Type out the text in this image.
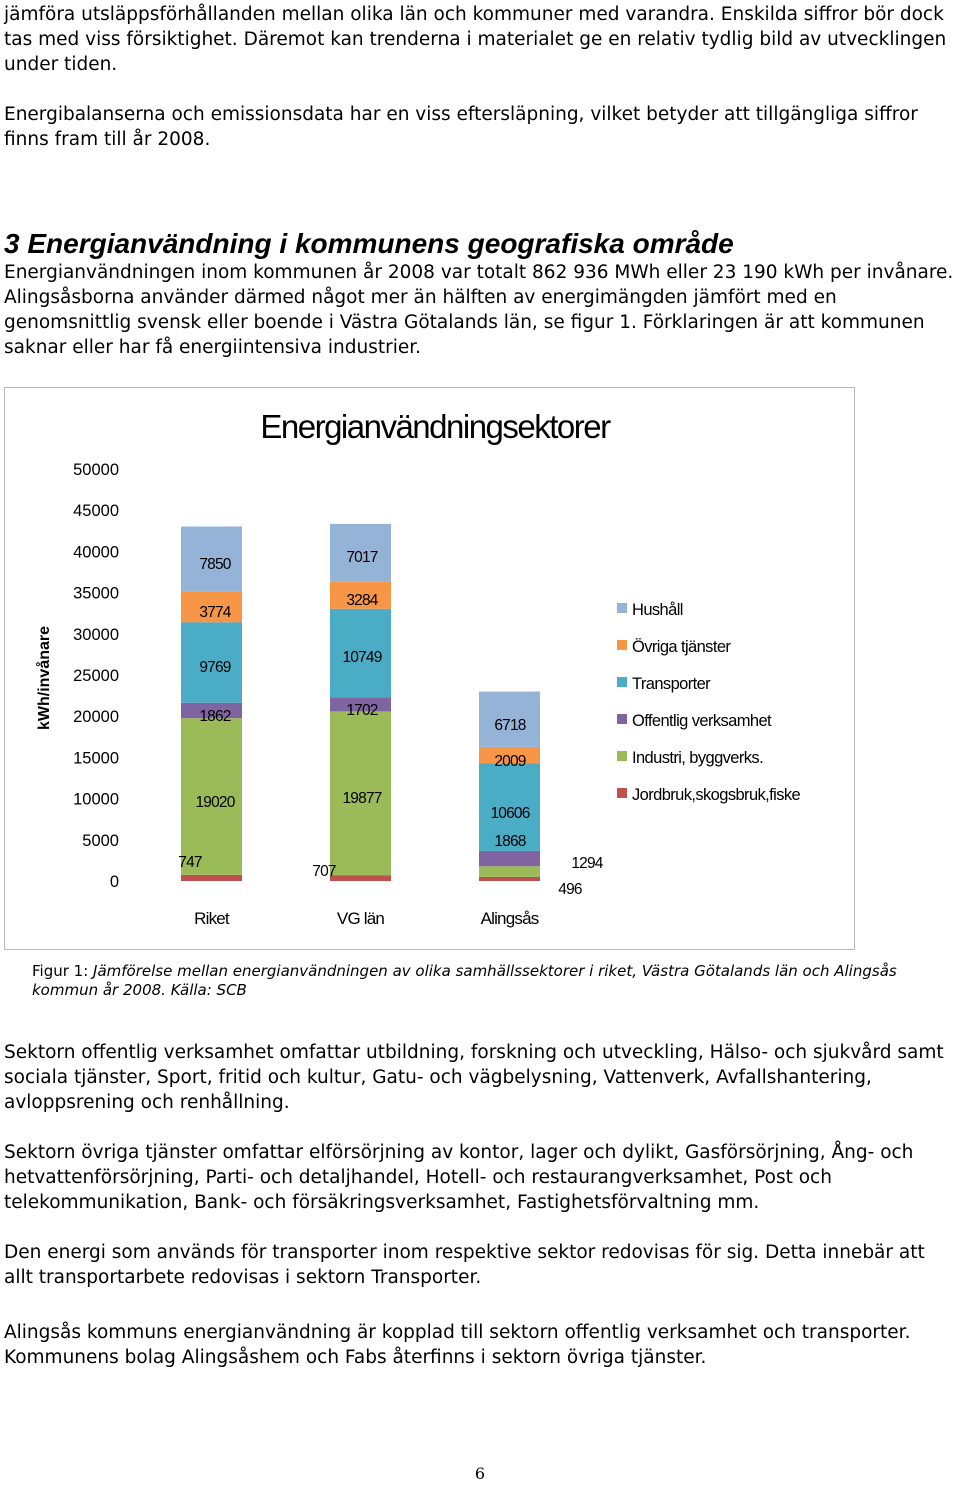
jämföra utsläppsförhållanden mellan olika län och kommuner med varandra. Enskilda siffror bör dock tas med viss försiktighet. Däremot kan trenderna i materialet ge en relativ tydlig bild av utvecklingen under tiden.

Energibalanserna och emissionsdata har en viss eftersläpning, vilket betyder att tillgängliga siffror finns fram till år 2008.

3 Energianvändning i kommunens geografiska område

Energianvändningen inom kommunen år 2008 var totalt 862 936 MWh eller 23 190 kWh per invånare. Alingsåsborna använder därmed något mer än hälften av energimängden jämfört med en genomsnittlig svensk eller boende i Västra Götalands län, se figur 1. Förklaringen är att kommunen saknar eller har få energiintensiva industrier.

Energianvändningsektorer
kWh/invånare
0
5000
10000
15000
20000
25000
30000
35000
40000
45000
50000
Riket	VG län	Alingsås
747
707
496
19020	19877
1294
1862	1702
1868
9769
10749
10606
3774
3284
2009
7850	7017
6718
Hushåll
Övriga tjänster
Transporter
Offentlig verksamhet
Industri, byggverks.
Jordbruk,skogsbruk,fiske

Figur 1: Jämförelse mellan energianvändningen av olika samhällssektorer i riket, Västra Götalands län och Alingsås kommun år 2008. Källa: SCB

Sektorn offentlig verksamhet omfattar utbildning, forskning och utveckling, Hälso- och sjukvård samt sociala tjänster, Sport, fritid och kultur, Gatu- och vägbelysning, Vattenverk, Avfallshantering, avloppsrening och renhållning.

Sektorn övriga tjänster omfattar elförsörjning av kontor, lager och dylikt, Gasförsörjning, Ång- och hetvattenförsörjning, Parti- och detaljhandel, Hotell- och restaurangverksamhet, Post och telekommunikation, Bank- och försäkringsverksamhet, Fastighetsförvaltning mm.

Den energi som används för transporter inom respektive sektor redovisas för sig. Detta innebär att allt transportarbete redovisas i sektorn Transporter.

Alingsås kommuns energianvändning är kopplad till sektorn offentlig verksamhet och transporter. Kommunens bolag Alingsåshem och Fabs återfinns i sektorn övriga tjänster.

6
